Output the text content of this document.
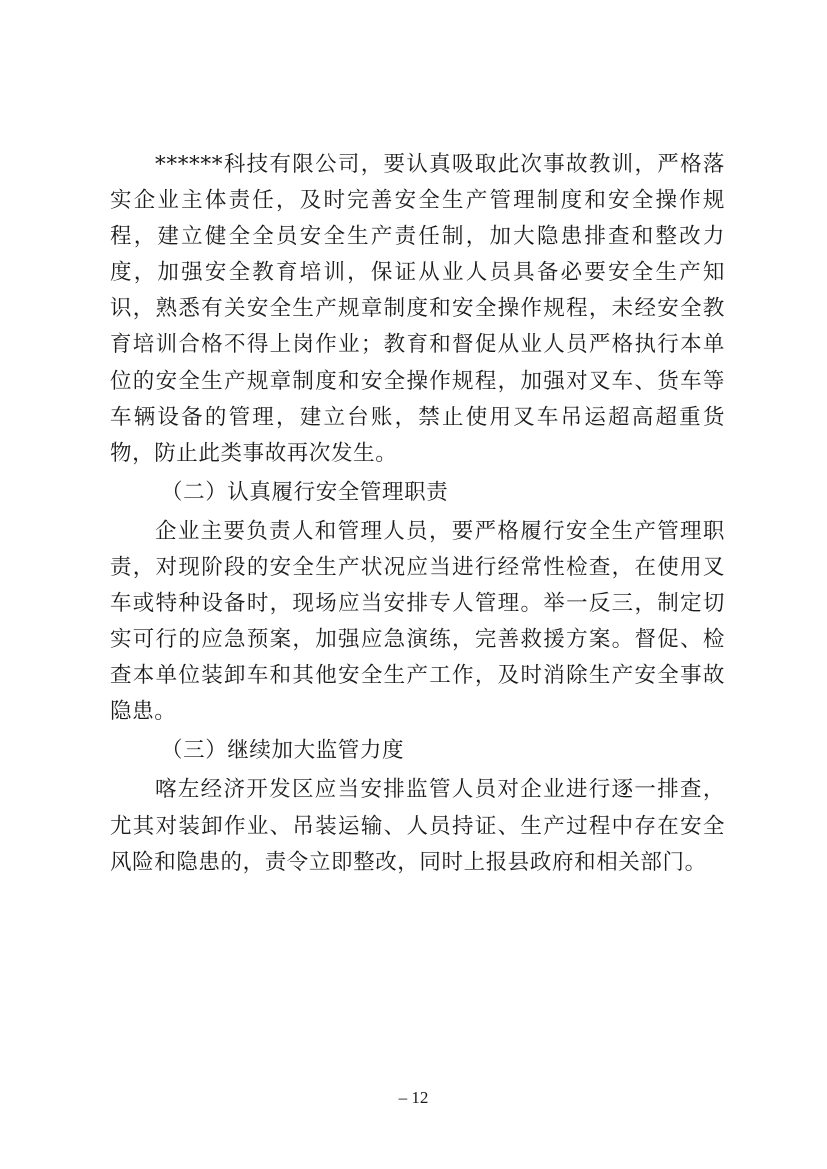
******科技有限公司，要认真吸取此次事故教训，严格落实企业主体责任，及时完善安全生产管理制度和安全操作规程，建立健全全员安全生产责任制，加大隐患排查和整改力度，加强安全教育培训，保证从业人员具备必要安全生产知识，熟悉有关安全生产规章制度和安全操作规程，未经安全教育培训合格不得上岗作业；教育和督促从业人员严格执行本单位的安全生产规章制度和安全操作规程，加强对叉车、货车等车辆设备的管理，建立台账，禁止使用叉车吊运超高超重货物，防止此类事故再次发生。

（二）认真履行安全管理职责

企业主要负责人和管理人员，要严格履行安全生产管理职责，对现阶段的安全生产状况应当进行经常性检查，在使用叉车或特种设备时，现场应当安排专人管理。举一反三，制定切实可行的应急预案，加强应急演练，完善救援方案。督促、检查本单位装卸车和其他安全生产工作，及时消除生产安全事故隐患。

（三）继续加大监管力度

喀左经济开发区应当安排监管人员对企业进行逐一排查，尤其对装卸作业、吊装运输、人员持证、生产过程中存在安全风险和隐患的，责令立即整改，同时上报县政府和相关部门。

– 12
